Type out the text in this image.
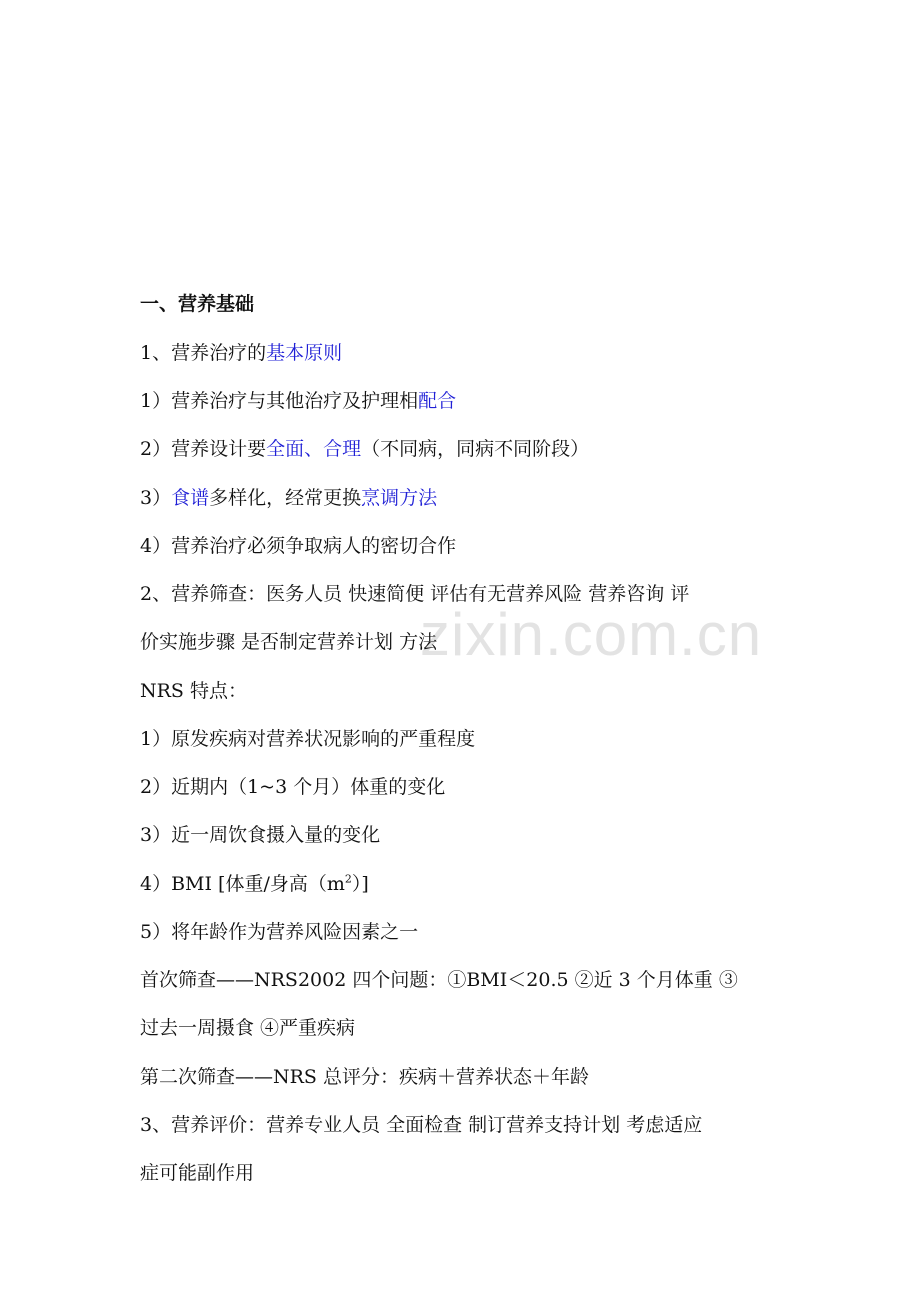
zixin.com.cn
一、营养基础
1、营养治疗的基本原则
1）营养治疗与其他治疗及护理相配合
2）营养设计要全面、合理（不同病，同病不同阶段）
3）食谱多样化，经常更换烹调方法
4）营养治疗必须争取病人的密切合作
2、营养筛查：医务人员 快速简便 评估有无营养风险 营养咨询 评
价实施步骤 是否制定营养计划 方法
NRS 特点：
1）原发疾病对营养状况影响的严重程度
2）近期内（1~3 个月）体重的变化
3）近一周饮食摄入量的变化
4）BMI [体重/身高$(m^2)$]
5）将年龄作为营养风险因素之一
首次筛查——NRS2002 四个问题：①BMI＜20.5 ②近 3 个月体重 ③
过去一周摄食 ④严重疾病
第二次筛查——NRS 总评分：疾病＋营养状态＋年龄
3、营养评价：营养专业人员 全面检查 制订营养支持计划 考虑适应
症可能副作用
